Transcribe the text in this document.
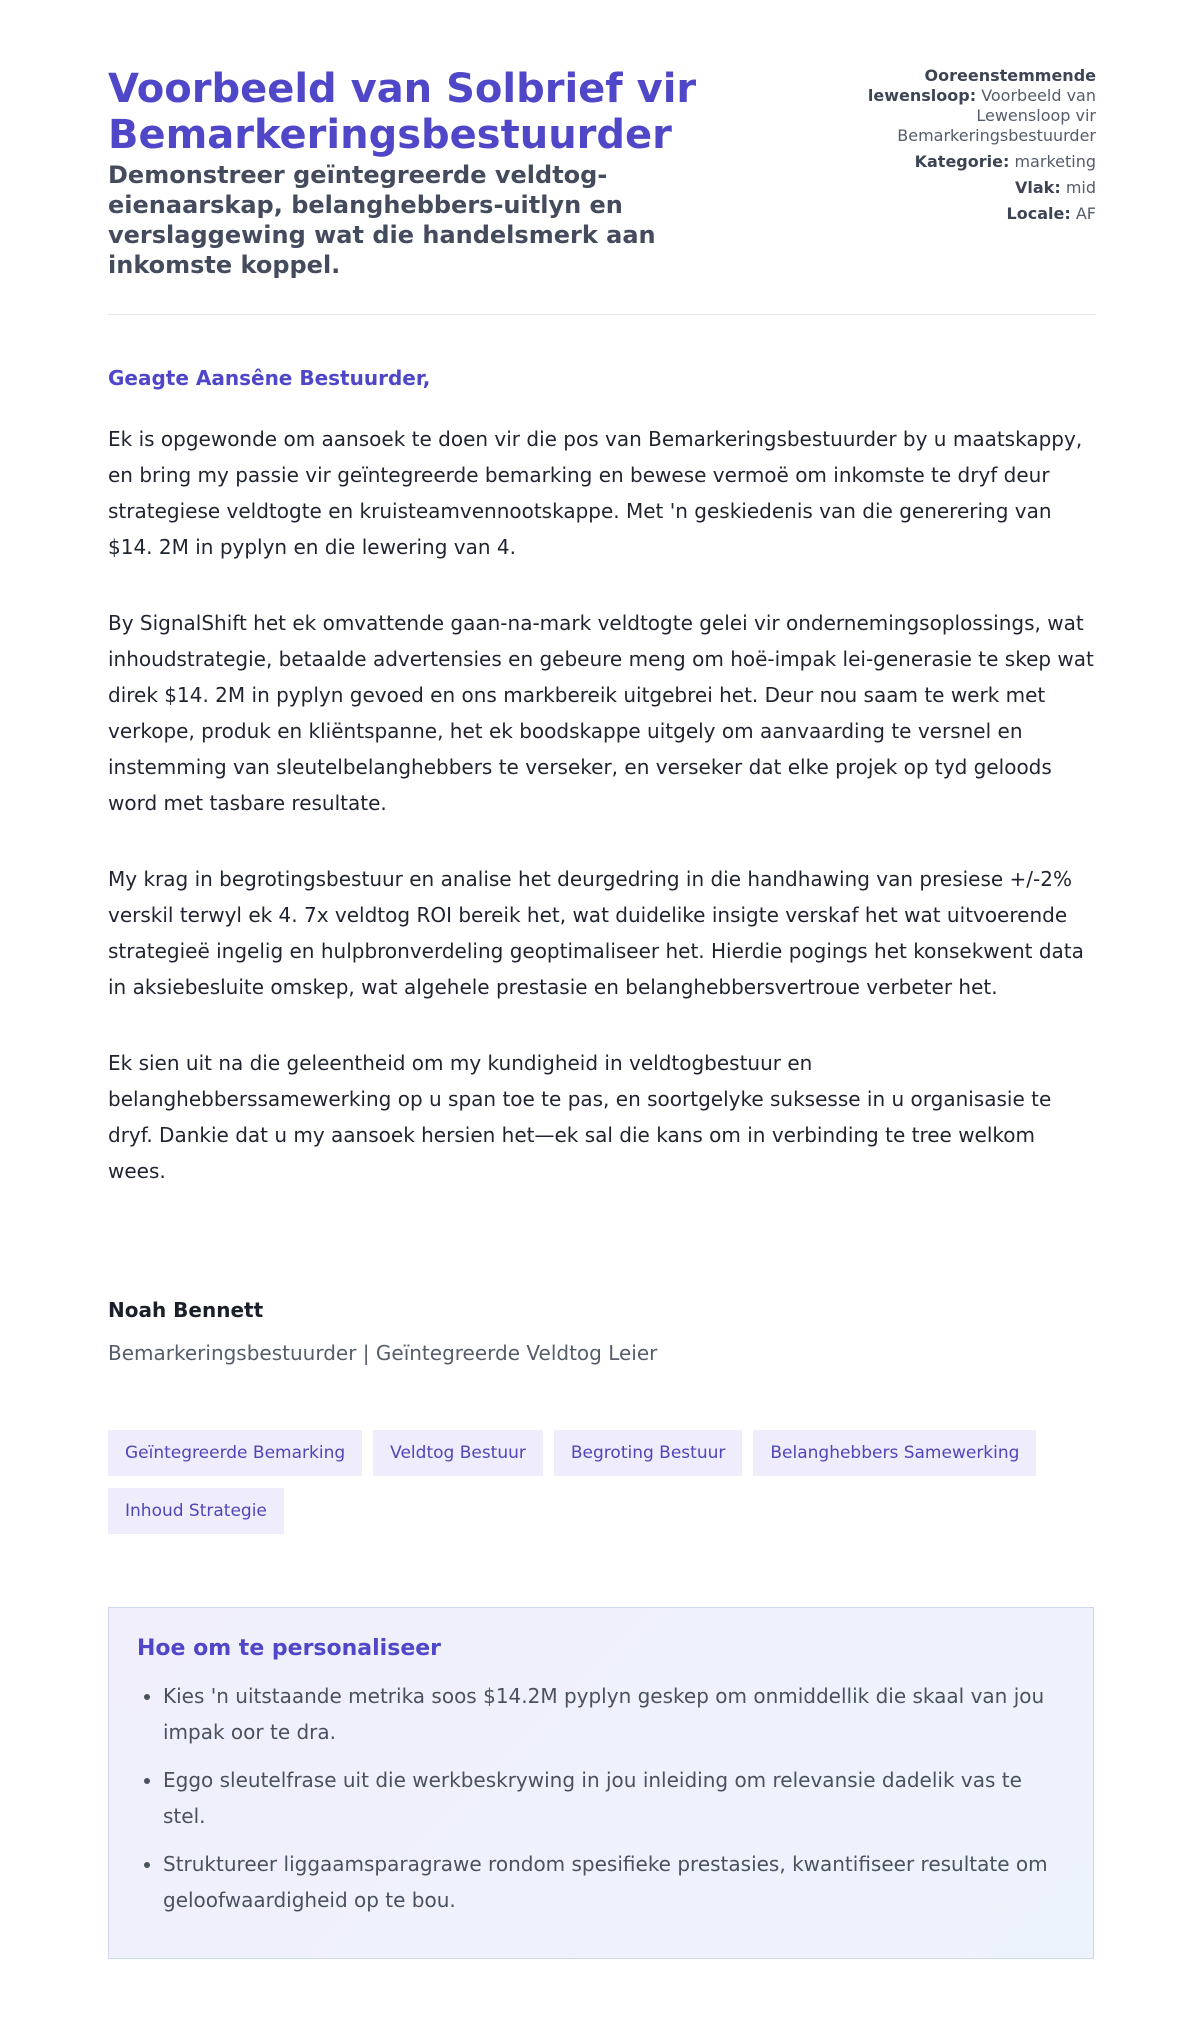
Voorbeeld van Solbrief vir Bemarkeringsbestuurder
Demonstreer geïntegreerde veldtog-eienaarskap, belanghebbers-uitlyn en verslaggewing wat die handelsmerk aan inkomste koppel.
Ooreenstemmende lewensloop: Voorbeeld van Lewensloop vir Bemarkeringsbestuurder
Kategorie: marketing
Vlak: mid
Locale: AF
Geagte Aansêne Bestuurder,

Ek is opgewonde om aansoek te doen vir die pos van Bemarkeringsbestuurder by u maatskappy, en bring my passie vir geïntegreerde bemarking en bewese vermoë om inkomste te dryf deur strategiese veldtogte en kruisteamvennootskappe. Met 'n geskiedenis van die generering van $14. 2M in pyplyn en die lewering van 4.

By SignalShift het ek omvattende gaan-na-mark veldtogte gelei vir ondernemingsoplossings, wat inhoudstrategie, betaalde advertensies en gebeure meng om hoë-impak lei-generasie te skep wat direk $14. 2M in pyplyn gevoed en ons markbereik uitgebrei het. Deur nou saam te werk met verkope, produk en kliëntspanne, het ek boodskappe uitgely om aanvaarding te versnel en instemming van sleutelbelanghebbers te verseker, en verseker dat elke projek op tyd geloods word met tasbare resultate.

My krag in begrotingsbestuur en analise het deurgedring in die handhawing van presiese +/-2% verskil terwyl ek 4. 7x veldtog ROI bereik het, wat duidelike insigte verskaf het wat uitvoerende strategieë ingelig en hulpbronverdeling geoptimaliseer het. Hierdie pogings het konsekwent data in aksiebesluite omskep, wat algehele prestasie en belanghebbersvertroue verbeter het.

Ek sien uit na die geleentheid om my kundigheid in veldtogbestuur en belanghebberssamewerking op u span toe te pas, en soortgelyke suksesse in u organisasie te dryf. Dankie dat u my aansoek hersien het—ek sal die kans om in verbinding te tree welkom wees.

Noah Bennett
Bemarkeringsbestuurder | Geïntegreerde Veldtog Leier
Geïntegreerde Bemarking	Veldtog Bestuur	Begroting Bestuur	Belanghebbers Samewerking
Inhoud Strategie
Hoe om te personaliseer
• Kies 'n uitstaande metrika soos $14.2M pyplyn geskep om onmiddellik die skaal van jou impak oor te dra.
• Eggo sleutelfrase uit die werkbeskrywing in jou inleiding om relevansie dadelik vas te stel.
• Struktureer liggaamsparagrawe rondom spesifieke prestasies, kwantifiseer resultate om geloofwaardigheid op te bou.
